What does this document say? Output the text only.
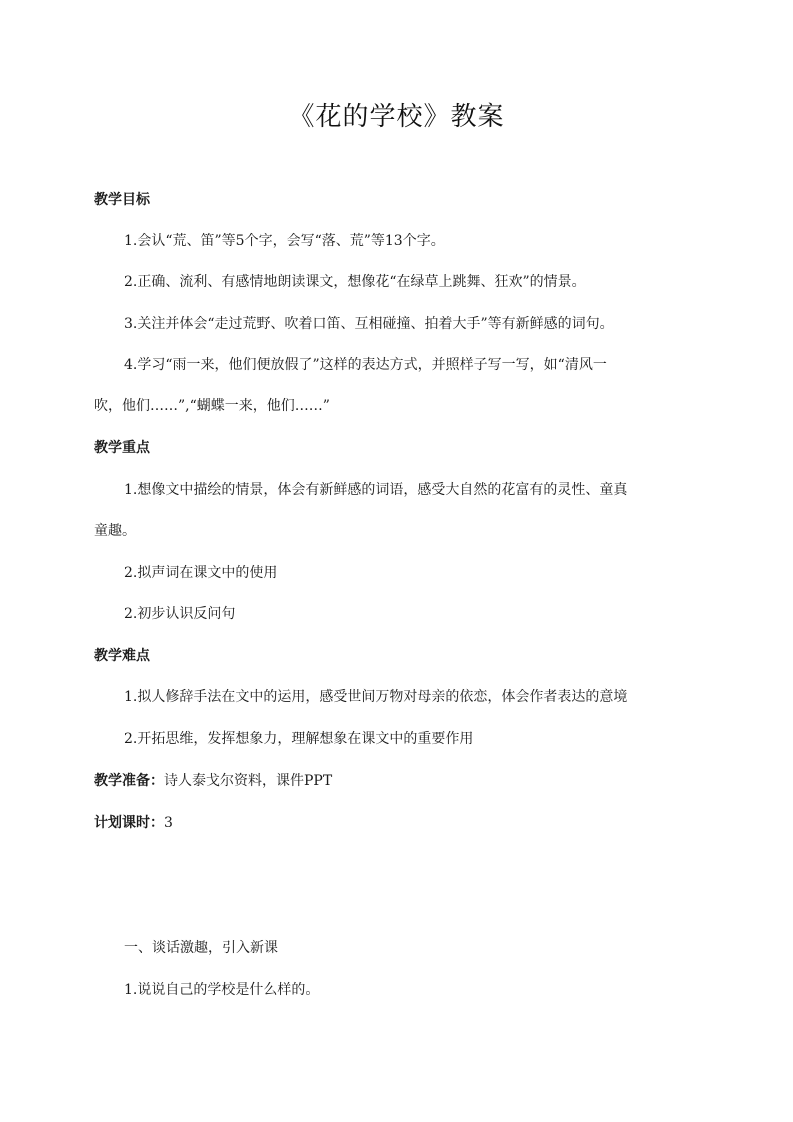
《花的学校》教案
教学目标
1.会认“荒、笛”等5个字，会写“落、荒”等13个字。
2.正确、流利、有感情地朗读课文，想像花“在绿草上跳舞、狂欢”的情景。
3.关注并体会“走过荒野、吹着口笛、互相碰撞、拍着大手”等有新鲜感的词句。
4.学习“雨一来，他们便放假了”这样的表达方式，并照样子写一写，如“清风一
吹，他们……”,“蝴蝶一来，他们……”
教学重点
1.想像文中描绘的情景，体会有新鲜感的词语，感受大自然的花富有的灵性、童真
童趣。
2.拟声词在课文中的使用
2.初步认识反问句
教学难点
1.拟人修辞手法在文中的运用，感受世间万物对母亲的依恋，体会作者表达的意境
2.开拓思维，发挥想象力，理解想象在课文中的重要作用
教学准备：诗人泰戈尔资料，课件PPT
计划课时：3
一、谈话激趣，引入新课
1.说说自己的学校是什么样的。
